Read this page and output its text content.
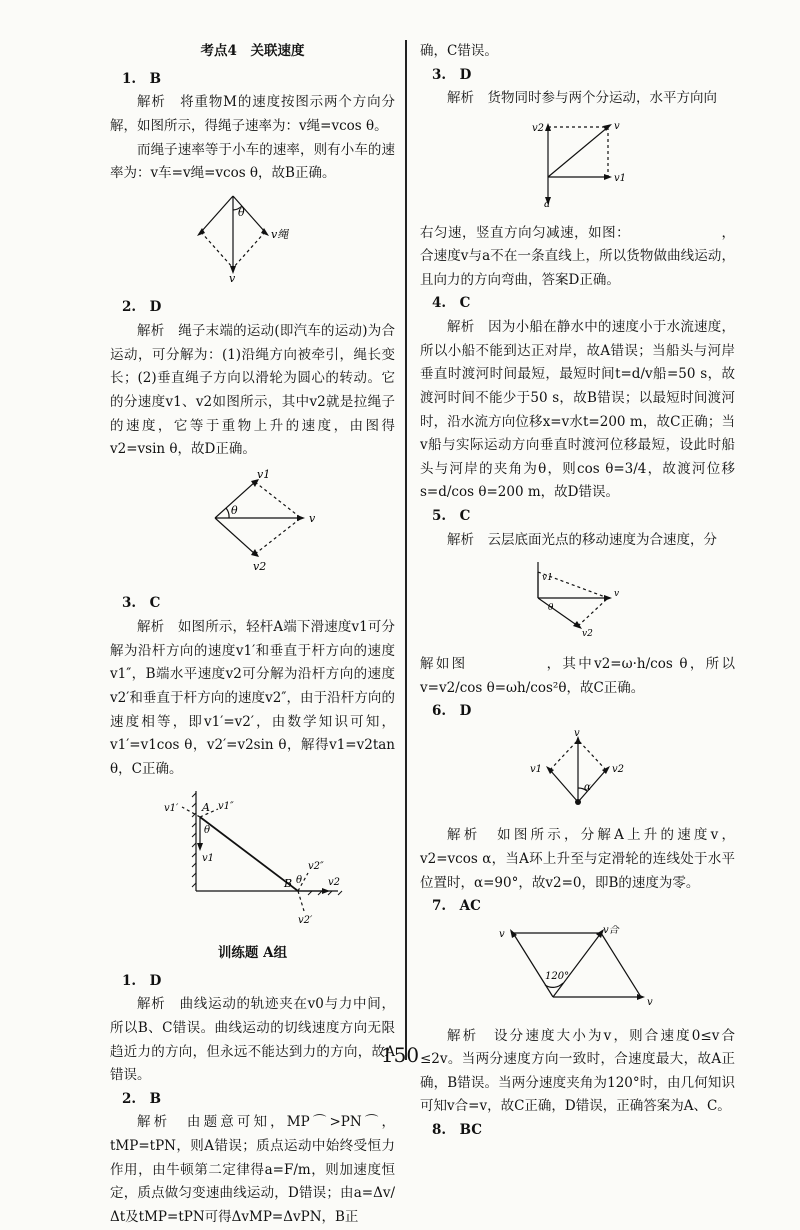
考点4　关联速度

1.　B

解析　将重物M的速度按图示两个方向分解，如图所示，得绳子速率为：v绳=vcos θ。

而绳子速率等于小车的速率，则有小车的速率为：v车=v绳=vcos θ，故B正确。

θ
v绳
v

2.　D

解析　绳子末端的运动(即汽车的运动)为合运动，可分解为：(1)沿绳方向被牵引，绳长变长；(2)垂直绳子方向以滑轮为圆心的转动。它的分速度v1、v2如图所示，其中v2就是拉绳子的速度，它等于重物上升的速度，由图得v2=vsin θ，故D正确。

v1
θ
v
v2

3.　C

解析　如图所示，轻杆A端下滑速度v1可分解为沿杆方向的速度v1′和垂直于杆方向的速度v1″，B端水平速度v2可分解为沿杆方向的速度v2′和垂直于杆方向的速度v2″，由于沿杆方向的速度相等，即v1′=v2′，由数学知识可知，v1′=v1cos θ，v2′=v2sin θ，解得v1=v2tan θ，C正确。

v1′	v1″
A
v1
θ
B
v2″
θ	v2
v2′

训练题 A组

1.　D

解析　曲线运动的轨迹夹在v0与力中间，所以B、C错误。曲线运动的切线速度方向无限趋近力的方向，但永远不能达到力的方向，故A错误。

2.　B

解析　由题意可知，MP⌒>PN⌒，tMP=tPN，则A错误；质点运动中始终受恒力作用，由牛顿第二定律得a=F/m，则加速度恒定，质点做匀变速曲线运动，D错误；由a=Δv/Δt及tMP=tPN可得ΔvMP=ΔvPN，B正

确，C错误。

3.　D

解析　货物同时参与两个分运动，水平方向向

v2	v
v1
a

右匀速，竖直方向匀减速，如图：　　　　　　　，合速度v与a不在一条直线上，所以货物做曲线运动，且向力的方向弯曲，答案D正确。

4.　C

解析　因为小船在静水中的速度小于水流速度，所以小船不能到达正对岸，故A错误；当船头与河岸垂直时渡河时间最短，最短时间t=d/v船=50 s，故渡河时间不能少于50 s，故B错误；以最短时间渡河时，沿水流方向位移x=v水t=200 m，故C正确；当v船与实际运动方向垂直时渡河位移最短，设此时船头与河岸的夹角为θ，则cos θ=3/4，故渡河位移s=d/cos θ=200 m，故D错误。

5.　C

解析　云层底面光点的移动速度为合速度，分

v1
v
θ
v2

解如图　　　　　，其中v2=ω·h/cos θ，所以v=v2/cos θ=ωh/cos²θ，故C正确。

6.　D

v
v1	v2
α

解析　如图所示，分解A上升的速度v，v2=vcos α，当A环上升至与定滑轮的连线处于水平位置时，α=90°，故v2=0，即B的速度为零。

7.　AC

v	v合
120°
v

解析　设分速度大小为v，则合速度0≤v合≤2v。当两分速度方向一致时，合速度最大，故A正确，B错误。当两分速度夹角为120°时，由几何知识可知v合=v，故C正确，D错误，正确答案为A、C。

8.　BC

150
